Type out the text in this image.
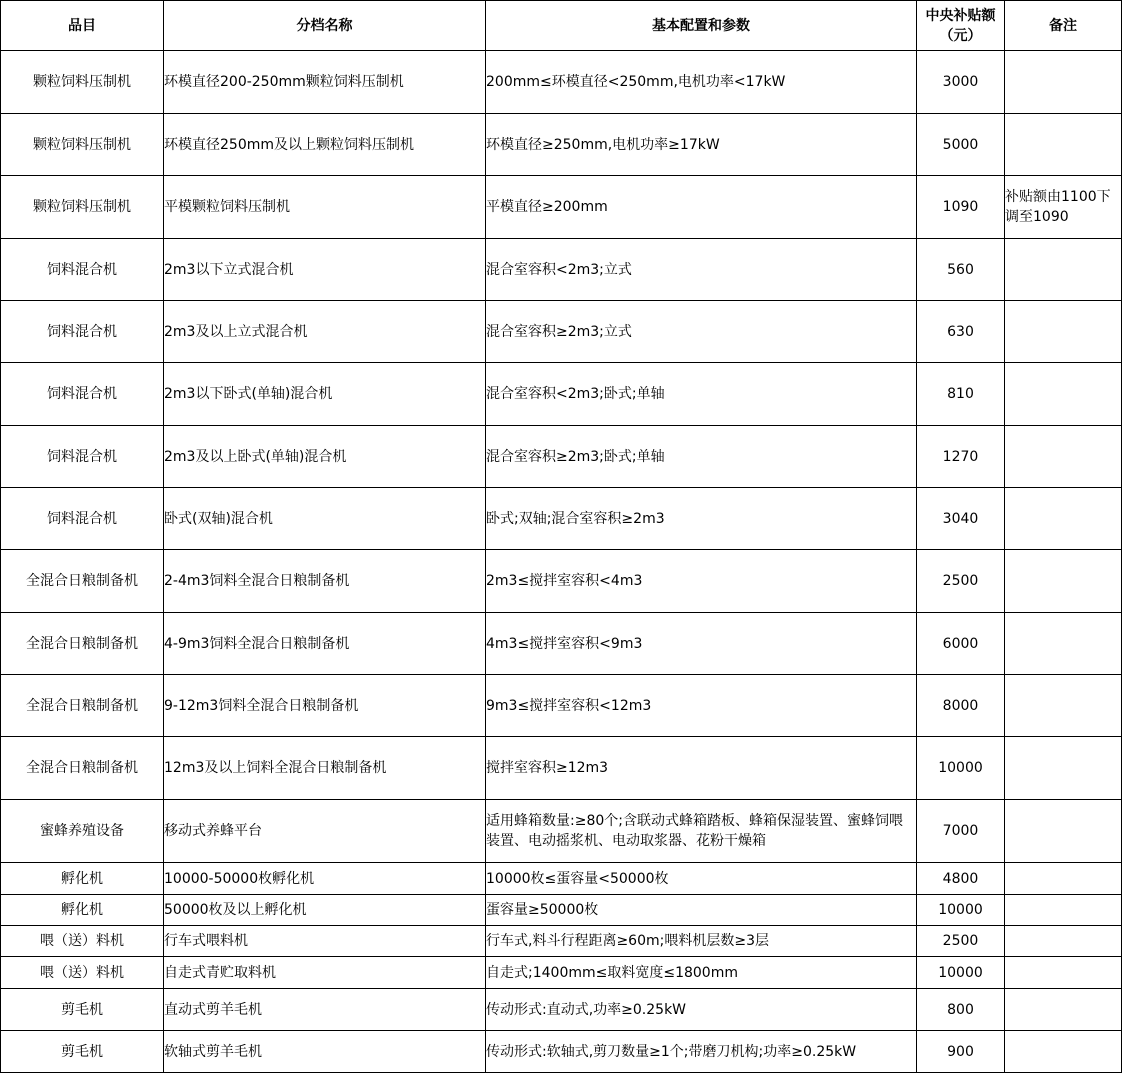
品目	分档名称	基本配置和参数	中央补贴额（元）	备注
颗粒饲料压制机	环模直径200-250mm颗粒饲料压制机	200mm≤环模直径<250mm,电机功率<17kW	3000	
颗粒饲料压制机	环模直径250mm及以上颗粒饲料压制机	环模直径≥250mm,电机功率≥17kW	5000	
颗粒饲料压制机	平模颗粒饲料压制机	平模直径≥200mm	1090	补贴额由1100下调至1090
饲料混合机	2m3以下立式混合机	混合室容积<2m3;立式	560	
饲料混合机	2m3及以上立式混合机	混合室容积≥2m3;立式	630	
饲料混合机	2m3以下卧式(单轴)混合机	混合室容积<2m3;卧式;单轴	810	
饲料混合机	2m3及以上卧式(单轴)混合机	混合室容积≥2m3;卧式;单轴	1270	
饲料混合机	卧式(双轴)混合机	卧式;双轴;混合室容积≥2m3	3040	
全混合日粮制备机	2-4m3饲料全混合日粮制备机	2m3≤搅拌室容积<4m3	2500	
全混合日粮制备机	4-9m3饲料全混合日粮制备机	4m3≤搅拌室容积<9m3	6000	
全混合日粮制备机	9-12m3饲料全混合日粮制备机	9m3≤搅拌室容积<12m3	8000	
全混合日粮制备机	12m3及以上饲料全混合日粮制备机	搅拌室容积≥12m3	10000	
蜜蜂养殖设备	移动式养蜂平台	适用蜂箱数量:≥80个;含联动式蜂箱踏板、蜂箱保湿装置、蜜蜂饲喂装置、电动摇浆机、电动取浆器、花粉干燥箱	7000	
孵化机	10000-50000枚孵化机	10000枚≤蛋容量<50000枚	4800	
孵化机	50000枚及以上孵化机	蛋容量≥50000枚	10000	
喂（送）料机	行车式喂料机	行车式,料斗行程距离≥60m;喂料机层数≥3层	2500	
喂（送）料机	自走式青贮取料机	自走式;1400mm≤取料宽度≤1800mm	10000	
剪毛机	直动式剪羊毛机	传动形式:直动式,功率≥0.25kW	800	
剪毛机	软轴式剪羊毛机	传动形式:软轴式,剪刀数量≥1个;带磨刀机构;功率≥0.25kW	900	
